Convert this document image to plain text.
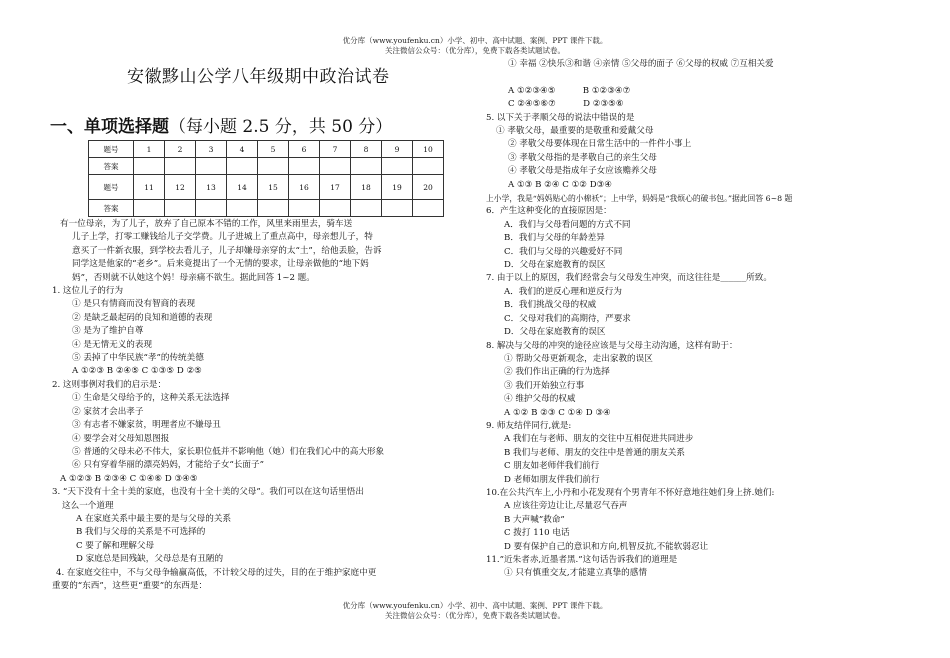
优分库（www.youfenku.cn）小学、初中、高中试题、案例、PPT 课件下载。
关注微信公众号：（优分库），免费下载各类试题试卷。
安徽黟山公学八年级期中政治试卷
一、单项选择题（每小题 2.5 分，共 50 分）
题号	1	2	3	4	5	6	7	8	9	10
答案										
题号	11	12	13	14	15	16	17	18	19	20
答案										
有一位母亲，为了儿子，放弃了自己原本不错的工作，风里来雨里去，骑车送
儿子上学，打零工赚钱给儿子交学费。儿子进城上了重点高中，母亲想儿子，特
意买了一件新衣服，到学校去看儿子，儿子却嫌母亲穿的太“土”，给他丢脸，告诉
同学这是他家的“老乡”。后来竟提出了一个无情的要求，让母亲做他的“地下妈
妈”，否则就不认她这个妈！母亲痛不欲生。据此回答 1~2 题。
1. 这位儿子的行为
① 是只有情商而没有智商的表现
② 是缺乏最起码的良知和道德的表现
③ 是为了维护自尊
④ 是无情无义的表现
⑤ 丢掉了中华民族“孝”的传统美德
A ①②③ B ②④⑤ C ①③⑤ D ②⑤
2. 这则事例对我们的启示是：
① 生命是父母给予的，这种关系无法选择
② 家贫才会出孝子
③ 有志者不嫌家贫，明理者应不嫌母丑
④ 要学会对父母知恩图报
⑤ 普通的父母未必不伟大，家长职位低并不影响他（她）们在我们心中的高大形象
⑥ 只有穿着华丽的漂亮妈妈，才能给子女“长面子”
A ①②③ B ②③④ C ①④⑥ D ③④⑤
3. “天下没有十全十美的家庭，也没有十全十美的父母”。我们可以在这句话里悟出
这么一个道理
A 在家庭关系中最主要的是与父母的关系
B 我们与父母的关系是不可选择的
C 要了解和理解父母
D 家庭总是回残缺，父母总是有丑陋的
4. 在家庭交往中，不与父母争输赢高低，不计较父母的过失，目的在于维护家庭中更
重要的“东西”，这些更“重要”的东西是：
① 幸福 ②快乐③和谐 ④亲情 ⑤父母的面子 ⑥父母的权威 ⑦互相关爱
A ①②③④⑤          B ①②③④⑦
C ②④⑤⑥⑦          D ②③⑤⑥
5. 以下关于孝顺父母的说法中错误的是
① 孝敬父母，最重要的是敬重和爱戴父母
② 孝敬父母要体现在日常生活中的一件件小事上
③ 孝敬父母指的是孝敬自己的亲生父母
④ 孝敬父母是指成年子女应该赡养父母
A ①③ B ②④ C ①② D③④
上小学，我是“妈妈贴心的小棉袄”；上中学，妈妈是“我烦心的破书包。”据此回答 6~8 题
6．产生这种变化的直接原因是：
A．我们与父母看问题的方式不同
B．我们与父母的年龄差异
C．我们与父母的兴趣爱好不同
D．父母在家庭教育的误区
7. 由于以上的原因，我们经常会与父母发生冲突，而这往往是______所致。
A．我们的逆反心理和逆反行为
B．我们挑战父母的权威
C．父母对我们的高期待，严要求
D．父母在家庭教育的误区
8. 解决与父母的冲突的途径应该是与父母主动沟通，这样有助于：
① 帮助父母更新观念，走出家教的误区
② 我们作出正确的行为选择
③ 我们开始独立行事
④ 维护父母的权威
A ①② B ②③ C ①④ D ③④
9. 师友结伴同行,就是:
A 我们在与老师、朋友的交往中互相促进共同进步
B 我们与老师、朋友的交往中是普通的朋友关系
C 朋友如老师伴我们前行
D 老师如朋友伴我们前行
10.在公共汽车上,小丹和小花发现有个男青年不怀好意地往她们身上挤.她们:
A 应该往旁边让让,尽量忍气吞声
B 大声喊”救命”
C 拨打 110 电话
D 要有保护自己的意识和方向,机智反抗,不能软弱忍让
11.”近朱者赤,近墨者黑.”这句话告诉我们的道理是
① 只有慎重交友,才能建立真挚的感情
优分库（www.youfenku.cn）小学、初中、高中试题、案例、PPT 课件下载。
关注微信公众号：（优分库），免费下载各类试题试卷。
